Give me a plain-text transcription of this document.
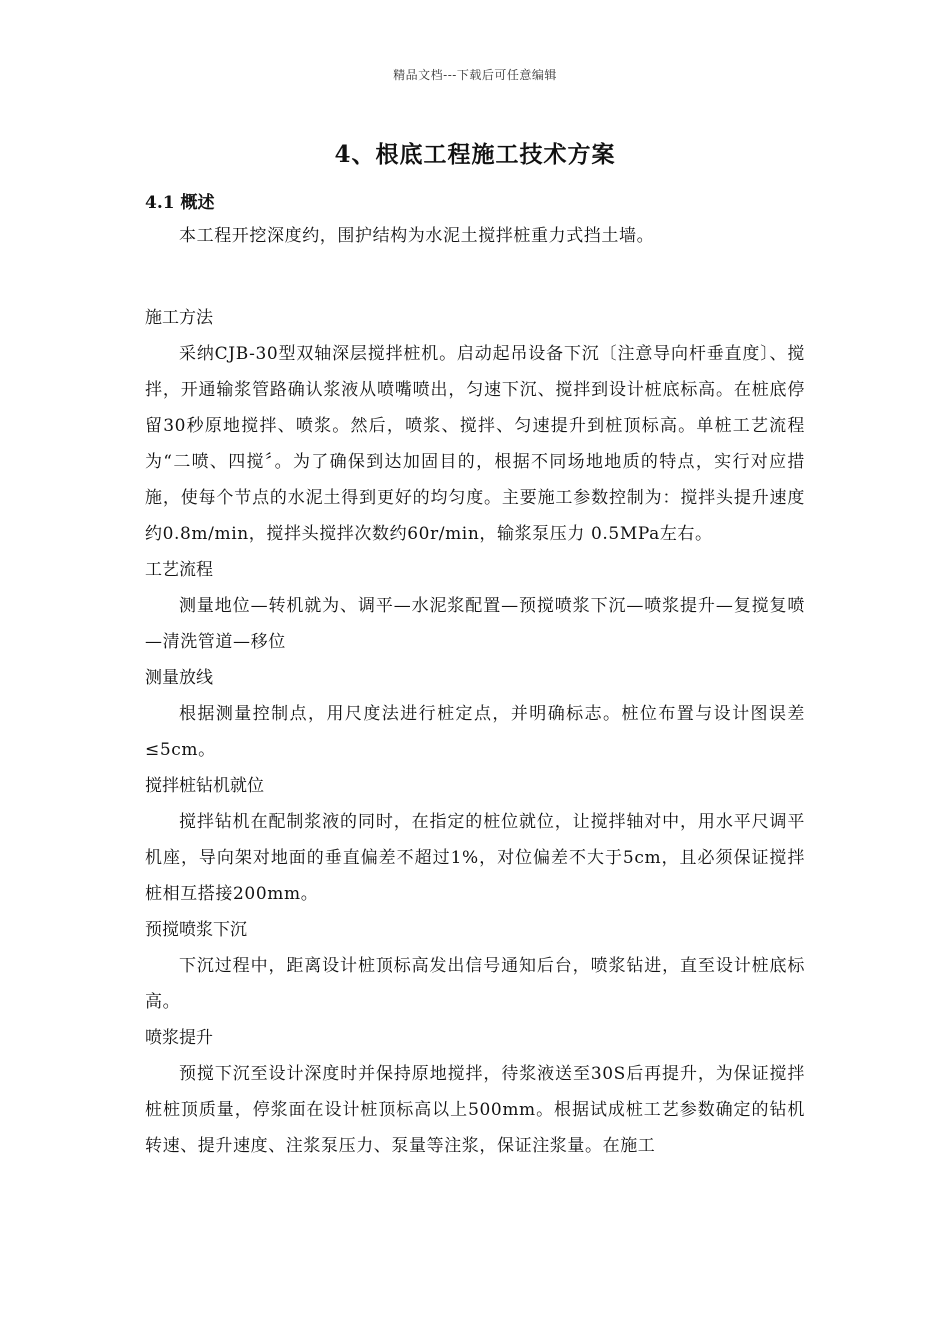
精品文档---下载后可任意编辑
4、根底工程施工技术方案
4.1 概述

本工程开挖深度约，围护结构为水泥土搅拌桩重力式挡土墙。

施工方法

采纳CJB-30型双轴深层搅拌桩机。启动起吊设备下沉〔注意导向杆垂直度〕、搅拌，开通输浆管路确认浆液从喷嘴喷出，匀速下沉、搅拌到设计桩底标高。在桩底停留30秒原地搅拌、喷浆。然后，喷浆、搅拌、匀速提升到桩顶标高。单桩工艺流程为“二喷、四搅〞。为了确保到达加固目的，根据不同场地地质的特点，实行对应措施，使每个节点的水泥土得到更好的均匀度。主要施工参数控制为：搅拌头提升速度约0.8m/min，搅拌头搅拌次数约60r/min，输浆泵压力 0.5MPa左右。

工艺流程

测量地位—转机就为、调平—水泥浆配置—预搅喷浆下沉—喷浆提升—复搅复喷—清洗管道—移位

测量放线

根据测量控制点，用尺度法进行桩定点，并明确标志。桩位布置与设计图误差≤5cm。

搅拌桩钻机就位

搅拌钻机在配制浆液的同时，在指定的桩位就位，让搅拌轴对中，用水平尺调平机座，导向架对地面的垂直偏差不超过1%，对位偏差不大于5cm，且必须保证搅拌桩相互搭接200mm。

预搅喷浆下沉

下沉过程中，距离设计桩顶标高发出信号通知后台，喷浆钻进，直至设计桩底标高。

喷浆提升

预搅下沉至设计深度时并保持原地搅拌，待浆液送至30S后再提升，为保证搅拌桩桩顶质量，停浆面在设计桩顶标高以上500mm。根据试成桩工艺参数确定的钻机转速、提升速度、注浆泵压力、泵量等注浆，保证注浆量。在施工
